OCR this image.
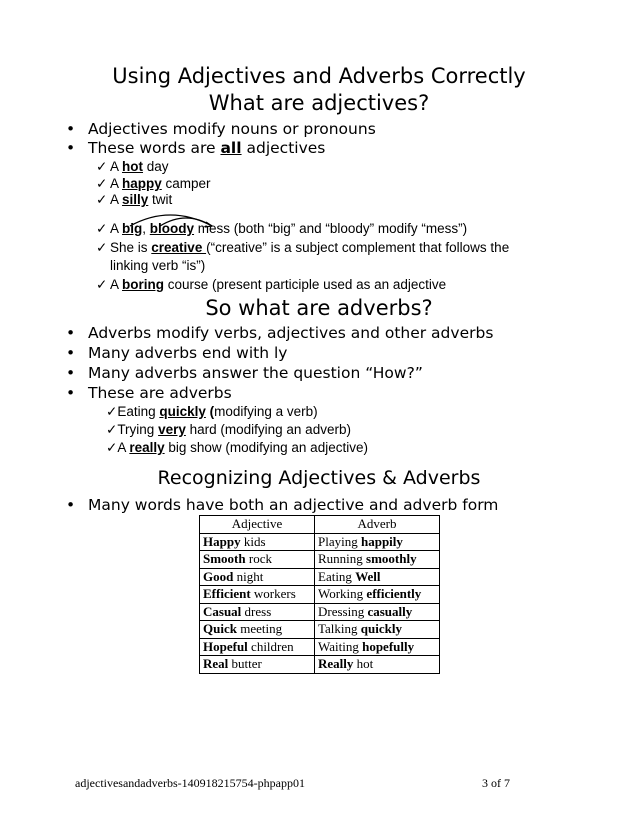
Using Adjectives and Adverbs Correctly
What are adjectives?
• Adjectives modify nouns or pronouns
• These words are all adjectives
✓ A hot day
✓ A happy camper
✓ A silly twit
✓ A big, bloody mess (both “big” and “bloody” modify “mess”)
✓ She is creative (“creative” is a subject complement that follows the
linking verb “is”)
✓ A boring course (present participle used as an adjective
So what are adverbs?
• Adverbs modify verbs, adjectives and other adverbs
• Many adverbs end with ly
• Many adverbs answer the question “How?”
• These are adverbs
✓Eating quickly (modifying a verb)
✓Trying very hard (modifying an adverb)
✓A really big show (modifying an adjective)
Recognizing Adjectives & Adverbs
• Many words have both an adjective and adverb form
Adjective	Adverb
Happy kids	Playing happily
Smooth rock	Running smoothly
Good night	Eating Well
Efficient workers	Working efficiently
Casual dress	Dressing casually
Quick meeting	Talking quickly
Hopeful children	Waiting hopefully
Real butter	Really hot
adjectivesandadverbs-140918215754-phpapp01	3 of 7
